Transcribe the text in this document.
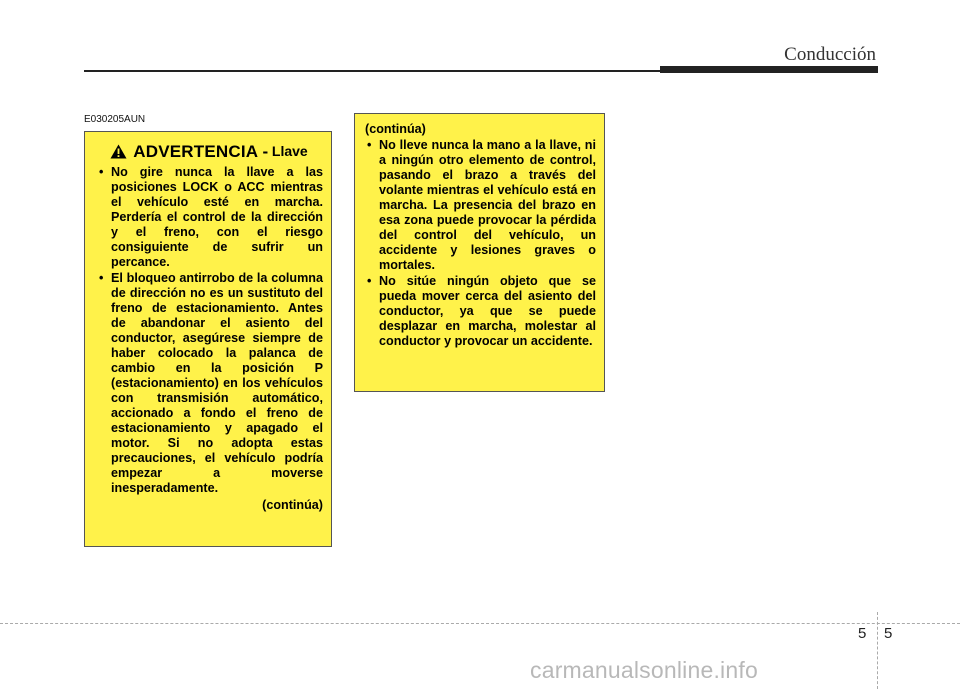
Conducción
E030205AUN
ADVERTENCIA -
Llave
• No gire nunca la llave a las posiciones LOCK o ACC mientras el vehículo esté en marcha. Perdería el control de la dirección y el freno, con el riesgo consiguiente de sufrir un percance.
• El bloqueo antirrobo de la columna de dirección no es un sustituto del freno de estacionamiento. Antes de abandonar el asiento del conductor, asegúrese siempre de haber colocado la palanca de cambio en la posición P (estacionamiento) en los vehículos con transmisión automático, accionado a fondo el freno de estacionamiento y apagado el motor. Si no adopta estas precauciones, el vehículo podría empezar a moverse inesperadamente.
(continúa)
(continúa)
• No lleve nunca la mano a la llave, ni a ningún otro elemento de control, pasando el brazo a través del volante mientras el vehículo está en marcha. La presencia del brazo en esa zona puede provocar la pérdida del control del vehículo, un accidente y lesiones graves o mortales.
• No sitúe ningún objeto que se pueda mover cerca del asiento del conductor, ya que se puede desplazar en marcha, molestar al conductor y provocar un accidente.
5 5
carmanualsonline.info
